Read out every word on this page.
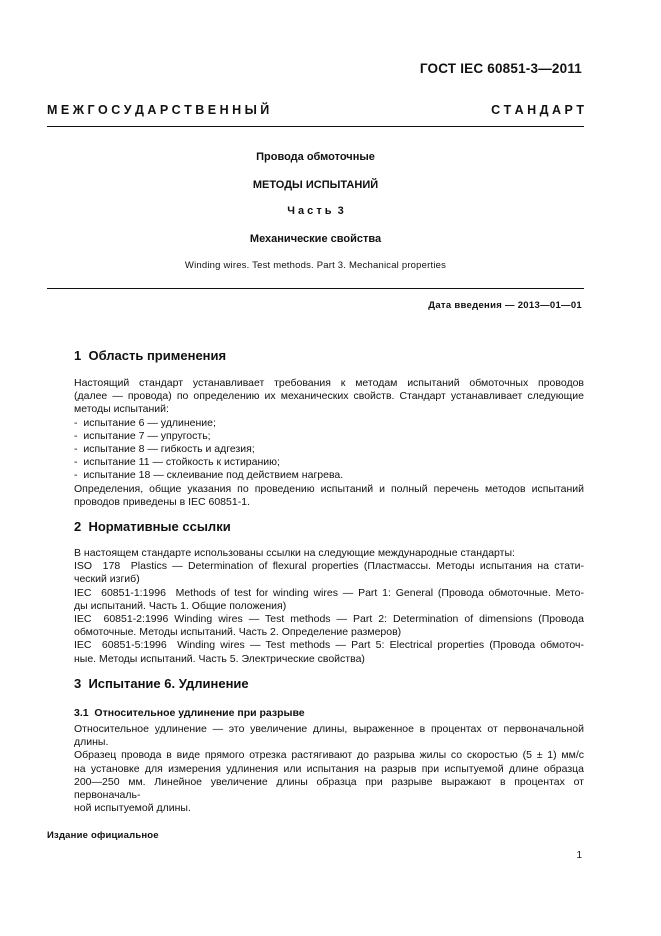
ГОСТ IEC 60851-3—2011
М Е Ж Г О С У Д А Р С Т В Е Н Н Ы Й	С Т А Н Д А Р Т
Провода обмоточные
МЕТОДЫ ИСПЫТАНИЙ
Ч а с т ь  3
Механические свойства
Winding wires. Test methods. Part 3. Mechanical properties
Дата введения — 2013—01—01
1  Область применения
Настоящий стандарт устанавливает требования к методам испытаний обмоточных проводов
(далее — провода) по определению их механических свойств. Стандарт устанавливает следующие
методы испытаний:
-  испытание 6 — удлинение;
-  испытание 7 — упругость;
-  испытание 8 — гибкость и адгезия;
-  испытание 11 — стойкость к истиранию;
-  испытание 18 — склеивание под действием нагрева.
Определения, общие указания по проведению испытаний и полный перечень методов испытаний
проводов приведены в IEC 60851-1.
2  Нормативные ссылки
В настоящем стандарте использованы ссылки на следующие международные стандарты:
ISO  178  Plastics — Determination of flexural properties (Пластмассы. Методы испытания на стати-
ческий изгиб)
IEC  60851-1:1996  Methods of test for winding wires — Part 1: General (Провода обмоточные. Мето-
ды испытаний. Часть 1. Общие положения)
IEC  60851-2:1996 Winding wires — Test methods — Part 2: Determination of dimensions (Провода
обмоточные. Методы испытаний. Часть 2. Определение размеров)
IEC  60851-5:1996  Winding wires — Test methods — Part 5: Electrical properties (Провода обмоточ-
ные. Методы испытаний. Часть 5. Электрические свойства)
3  Испытание 6. Удлинение
3.1  Относительное удлинение при разрыве
Относительное удлинение — это увеличение длины, выраженное в процентах от первоначальной
длины.
Образец провода в виде прямого отрезка растягивают до разрыва жилы со скоростью (5 ± 1) мм/с
на установке для измерения удлинения или испытания на разрыв при испытуемой длине образца
200—250 мм. Линейное увеличение длины образца при разрыве выражают в процентах от первоначаль-
ной испытуемой длины.
Издание официальное
1
